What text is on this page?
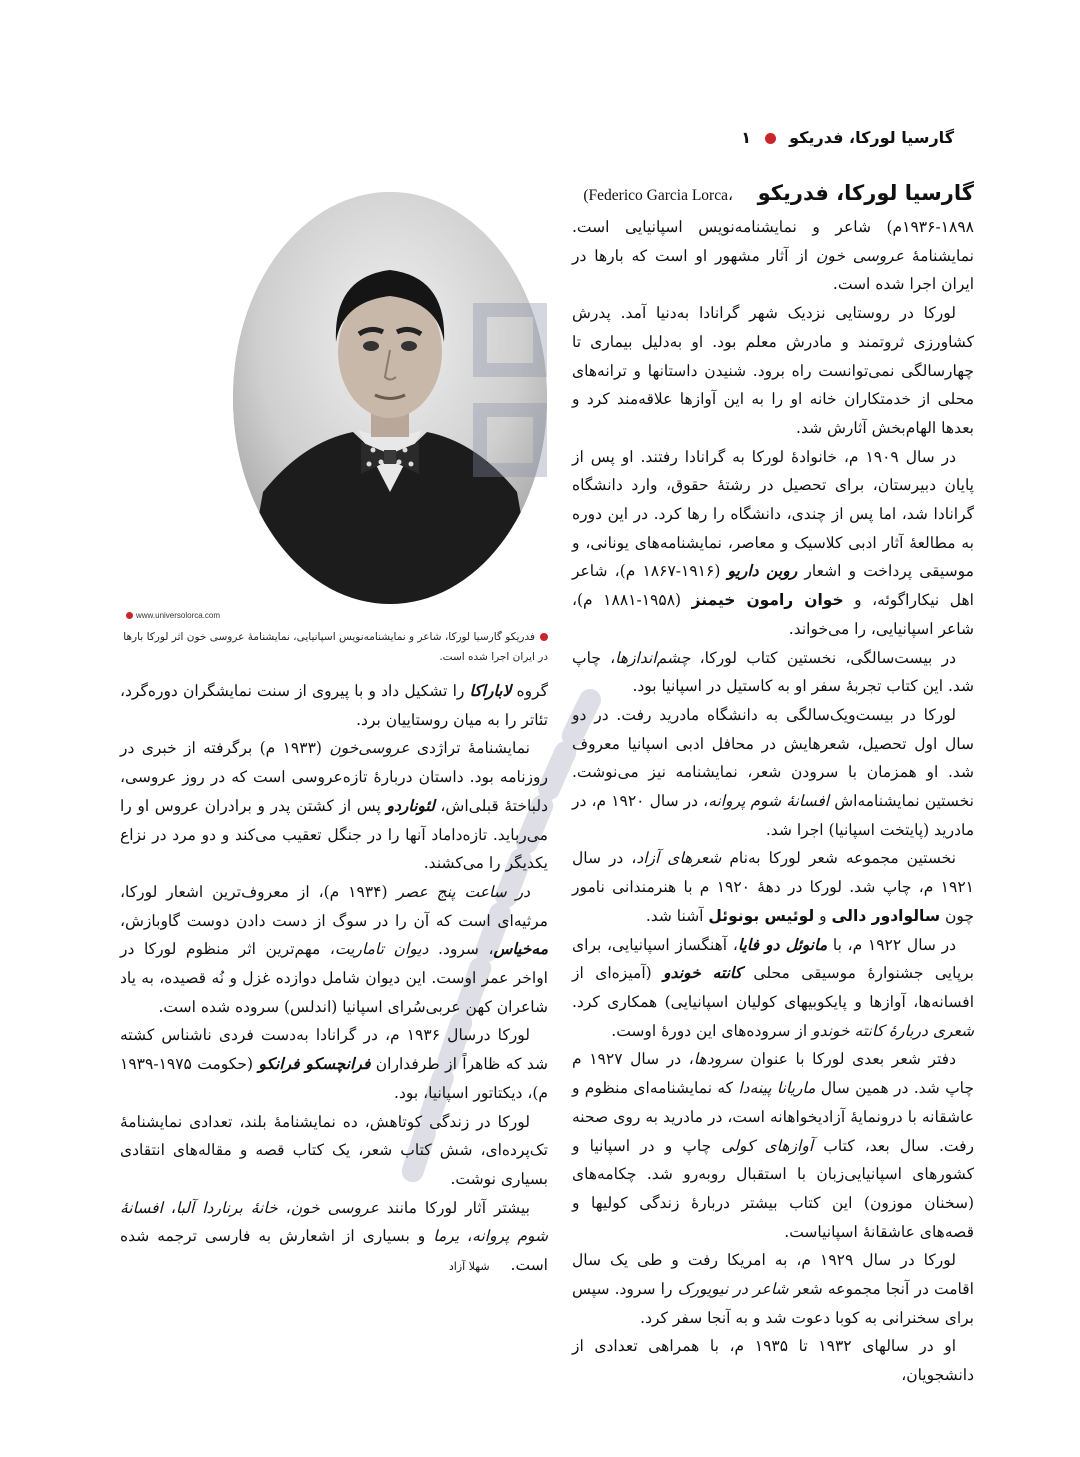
گارسیا لورکا، فدریکو  ۱
www.universolorca.com
فدریکو گارسیا لورکا، شاعر و نمایشنامه‌نویس اسپانیایی، نمایشنامهٔ عروسی خون اثر لورکا بارها در ایران اجرا شده است.
گارسیا لورکا، فدریکو     (Federico Garcia Lorca،

۱۹۳۶-۱۸۹۸م) شاعر و نمایشنامه‌نویس اسپانیایی است. نمایشنامهٔ عروسی خون از آثار مشهور او است که بارها در ایران اجرا شده است.

لورکا در روستایی نزدیک شهر گرانادا به‌دنیا آمد. پدرش کشاورزی ثروتمند و مادرش معلم بود. او به‌دلیل بیماری تا چهارسالگی نمی‌توانست راه برود. شنیدن داستانها و ترانه‌های محلی از خدمتکاران خانه او را به این آوازها علاقه‌مند کرد و بعدها الهام‌بخش آثارش شد.

در سال ۱۹۰۹ م، خانوادهٔ لورکا به گرانادا رفتند. او پس از پایان دبیرستان، برای تحصیل در رشتهٔ حقوق، وارد دانشگاه گرانادا شد، اما پس از چندی، دانشگاه را رها کرد. در این دوره به مطالعهٔ آثار ادبی کلاسیک و معاصر، نمایشنامه‌های یونانی، و موسیقی پرداخت و اشعار روبن داریو (۱۹۱۶-۱۸۶۷ م)، شاعر اهل نیکاراگوئه، و خوان رامون خیمنز (۱۹۵۸-۱۸۸۱ م)، شاعر اسپانیایی، را می‌خواند.

در بیست‌سالگی، نخستین کتاب لورکا، چشم‌اندازها، چاپ شد. این کتاب تجربهٔ سفر او به کاستیل در اسپانیا بود.

لورکا در بیست‌ویک‌سالگی به دانشگاه مادرید رفت. در دو سال اول تحصیل، شعرهایش در محافل ادبی اسپانیا معروف شد. او همزمان با سرودن شعر، نمایشنامه نیز می‌نوشت. نخستین نمایشنامه‌اش افسانهٔ شوم پروانه، در سال ۱۹۲۰ م، در مادرید (پایتخت اسپانیا) اجرا شد.

نخستین مجموعه شعر لورکا به‌نام شعرهای آزاد، در سال ۱۹۲۱ م، چاپ شد. لورکا در دهۀ ۱۹۲۰ م با هنرمندانی نامور چون سالوادور دالی و لوئیس بونوئل آشنا شد.

در سال ۱۹۲۲ م، با مانوئل دو فایا، آهنگساز اسپانیایی، برای برپایی جشنوارهٔ موسیقی محلی کانته خوندو (آمیزه‌ای از افسانه‌ها، آوازها و پایکوبیهای کولیان اسپانیایی) همکاری کرد. شعری دربارهٔ کانته خوندو از سروده‌های این دورهٔ اوست.

دفتر شعر بعدی لورکا با عنوان سرودها، در سال ۱۹۲۷ م چاپ شد. در همین سال ماریانا پینه‌دا که نمایشنامه‌ای منظوم و عاشقانه با درونمایهٔ آزادیخواهانه است، در مادرید به روی صحنه رفت. سال بعد، کتاب آوازهای کولی چاپ و در اسپانیا و کشورهای اسپانیایی‌زبان با استقبال روبه‌رو شد. چکامه‌های (سخنان موزون) این کتاب بیشتر دربارهٔ زندگی کولیها و قصه‌های عاشقانهٔ اسپانیاست.

لورکا در سال ۱۹۲۹ م، به امریکا رفت و طی یک سال اقامت در آنجا مجموعه شعر شاعر در نیویورک را سرود. سپس برای سخنرانی به کوبا دعوت شد و به آنجا سفر کرد.

او در سالهای ۱۹۳۲ تا ۱۹۳۵ م، با همراهی تعدادی از دانشجویان،

گروه لاباراکا را تشکیل داد و با پیروی از سنت نمایشگران دوره‌گرد، تئاتر را به میان روستاییان برد.

نمایشنامهٔ تراژدی عروسی‌خون (۱۹۳۳ م) برگرفته از خبری در روزنامه بود. داستان دربارهٔ تازه‌عروسی است که در روز عروسی، دلباختهٔ قبلی‌اش، لئوناردو پس از کشتن پدر و برادران عروس او را می‌رباید. تازه‌داماد آنها را در جنگل تعقیب می‌کند و دو مرد در نزاع یکدیگر را می‌کشند.

در ساعت پنج عصر (۱۹۳۴ م)، از معروف‌ترین اشعار لورکا، مرثیه‌ای است که آن را در سوگ از دست دادن دوست گاوبازش، مه‌خیاس، سرود. دیوان تاماریت، مهم‌ترین اثر منظوم لورکا در اواخر عمر اوست. این دیوان شامل دوازده غزل و نُه قصیده، به یاد شاعران کهن عربی‌سُرای اسپانیا (اندلس) سروده شده است.

لورکا درسال ۱۹۳۶ م، در گرانادا به‌دست فردی ناشناس کشته شد که ظاهراً از طرفداران فرانچسکو فرانکو (حکومت ۱۹۷۵-۱۹۳۹ م)، دیکتاتور اسپانیا، بود.

لورکا در زندگی کوتاهش، ده نمایشنامهٔ بلند، تعدادی نمایشنامهٔ تک‌پرده‌ای، شش کتاب شعر، یک کتاب قصه و مقاله‌های انتقادی بسیاری نوشت.

بیشتر آثار لورکا مانند عروسی خون، خانهٔ برناردا آلبا، افسانهٔ شوم پروانه، یرما و بسیاری از اشعارش به فارسی ترجمه شده است.      شهلا آزاد
